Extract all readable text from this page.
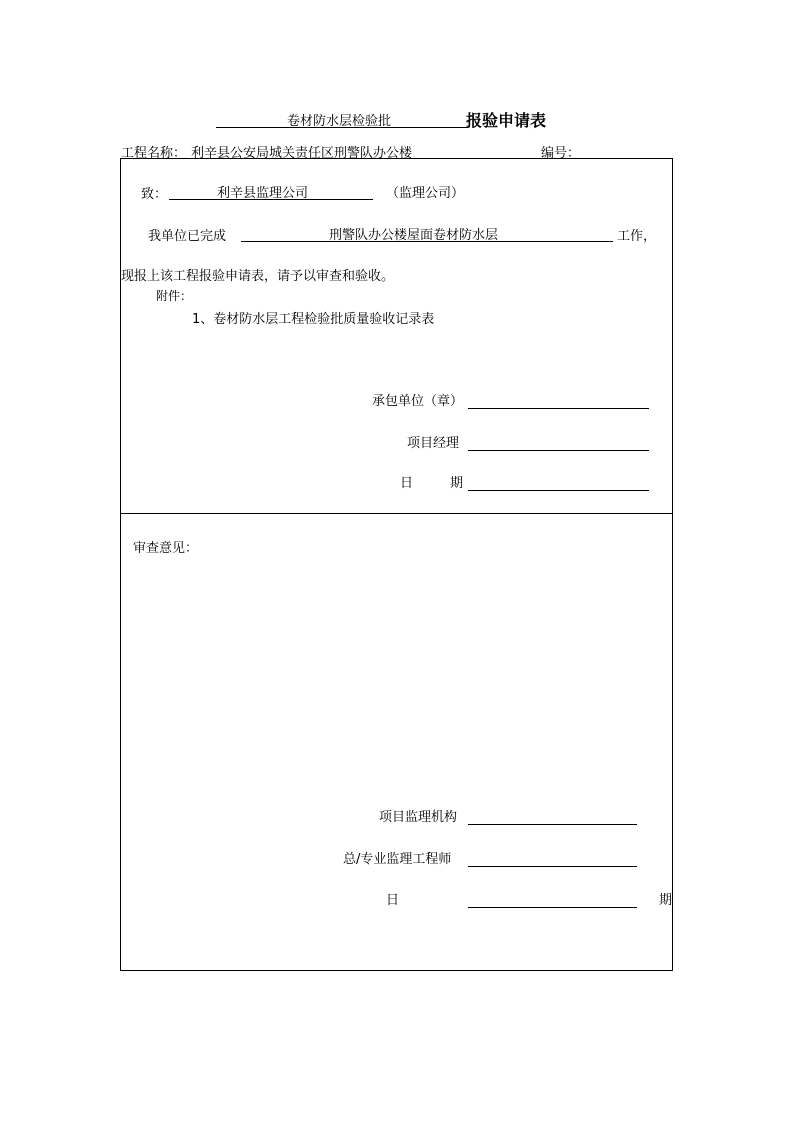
卷材防水层检验批	报验申请表
工程名称： 利辛县公安局城关责任区刑警队办公楼	编号：
致：	利辛县监理公司	（监理公司）
我单位已完成	刑警队办公楼屋面卷材防水层	工作，
现报上该工程报验申请表，请予以审查和验收。
附件：
1、卷材防水层工程检验批质量验收记录表
承包单位（章）
项目经理
日	期
审查意见：
项目监理机构
总/专业监理工程师
日	期
